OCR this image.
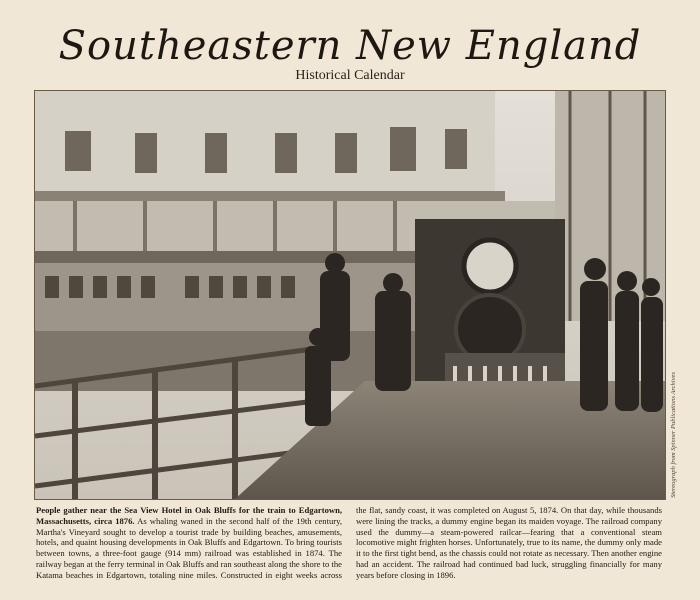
Southeastern New England
Historical Calendar
Stereograph from Spinner Publications Archives
People gather near the Sea View Hotel in Oak Bluffs for the train to Edgartown, Massachusetts, circa 1876. As whaling waned in the second half of the 19th century, Martha's Vineyard sought to develop a tourist trade by building beaches, amusements, hotels, and quaint housing developments in Oak Bluffs and Edgartown. To bring tourists between towns, a three-foot gauge (914 mm) railroad was established in 1874. The railway began at the ferry terminal in Oak Bluffs and ran southeast along the shore to the Katama beaches in Edgartown, totaling nine miles. Constructed in eight weeks across the flat, sandy coast, it was completed on August 5, 1874. On that day, while thousands were lining the tracks, a dummy engine began its maiden voyage. The railroad company used the dummy—a steam-powered railcar—fearing that a conventional steam locomotive might frighten horses. Unfortunately, true to its name, the dummy only made it to the first tight bend, as the chassis could not rotate as necessary. Then another engine had an accident. The railroad had continued bad luck, struggling financially for many years before closing in 1896.
